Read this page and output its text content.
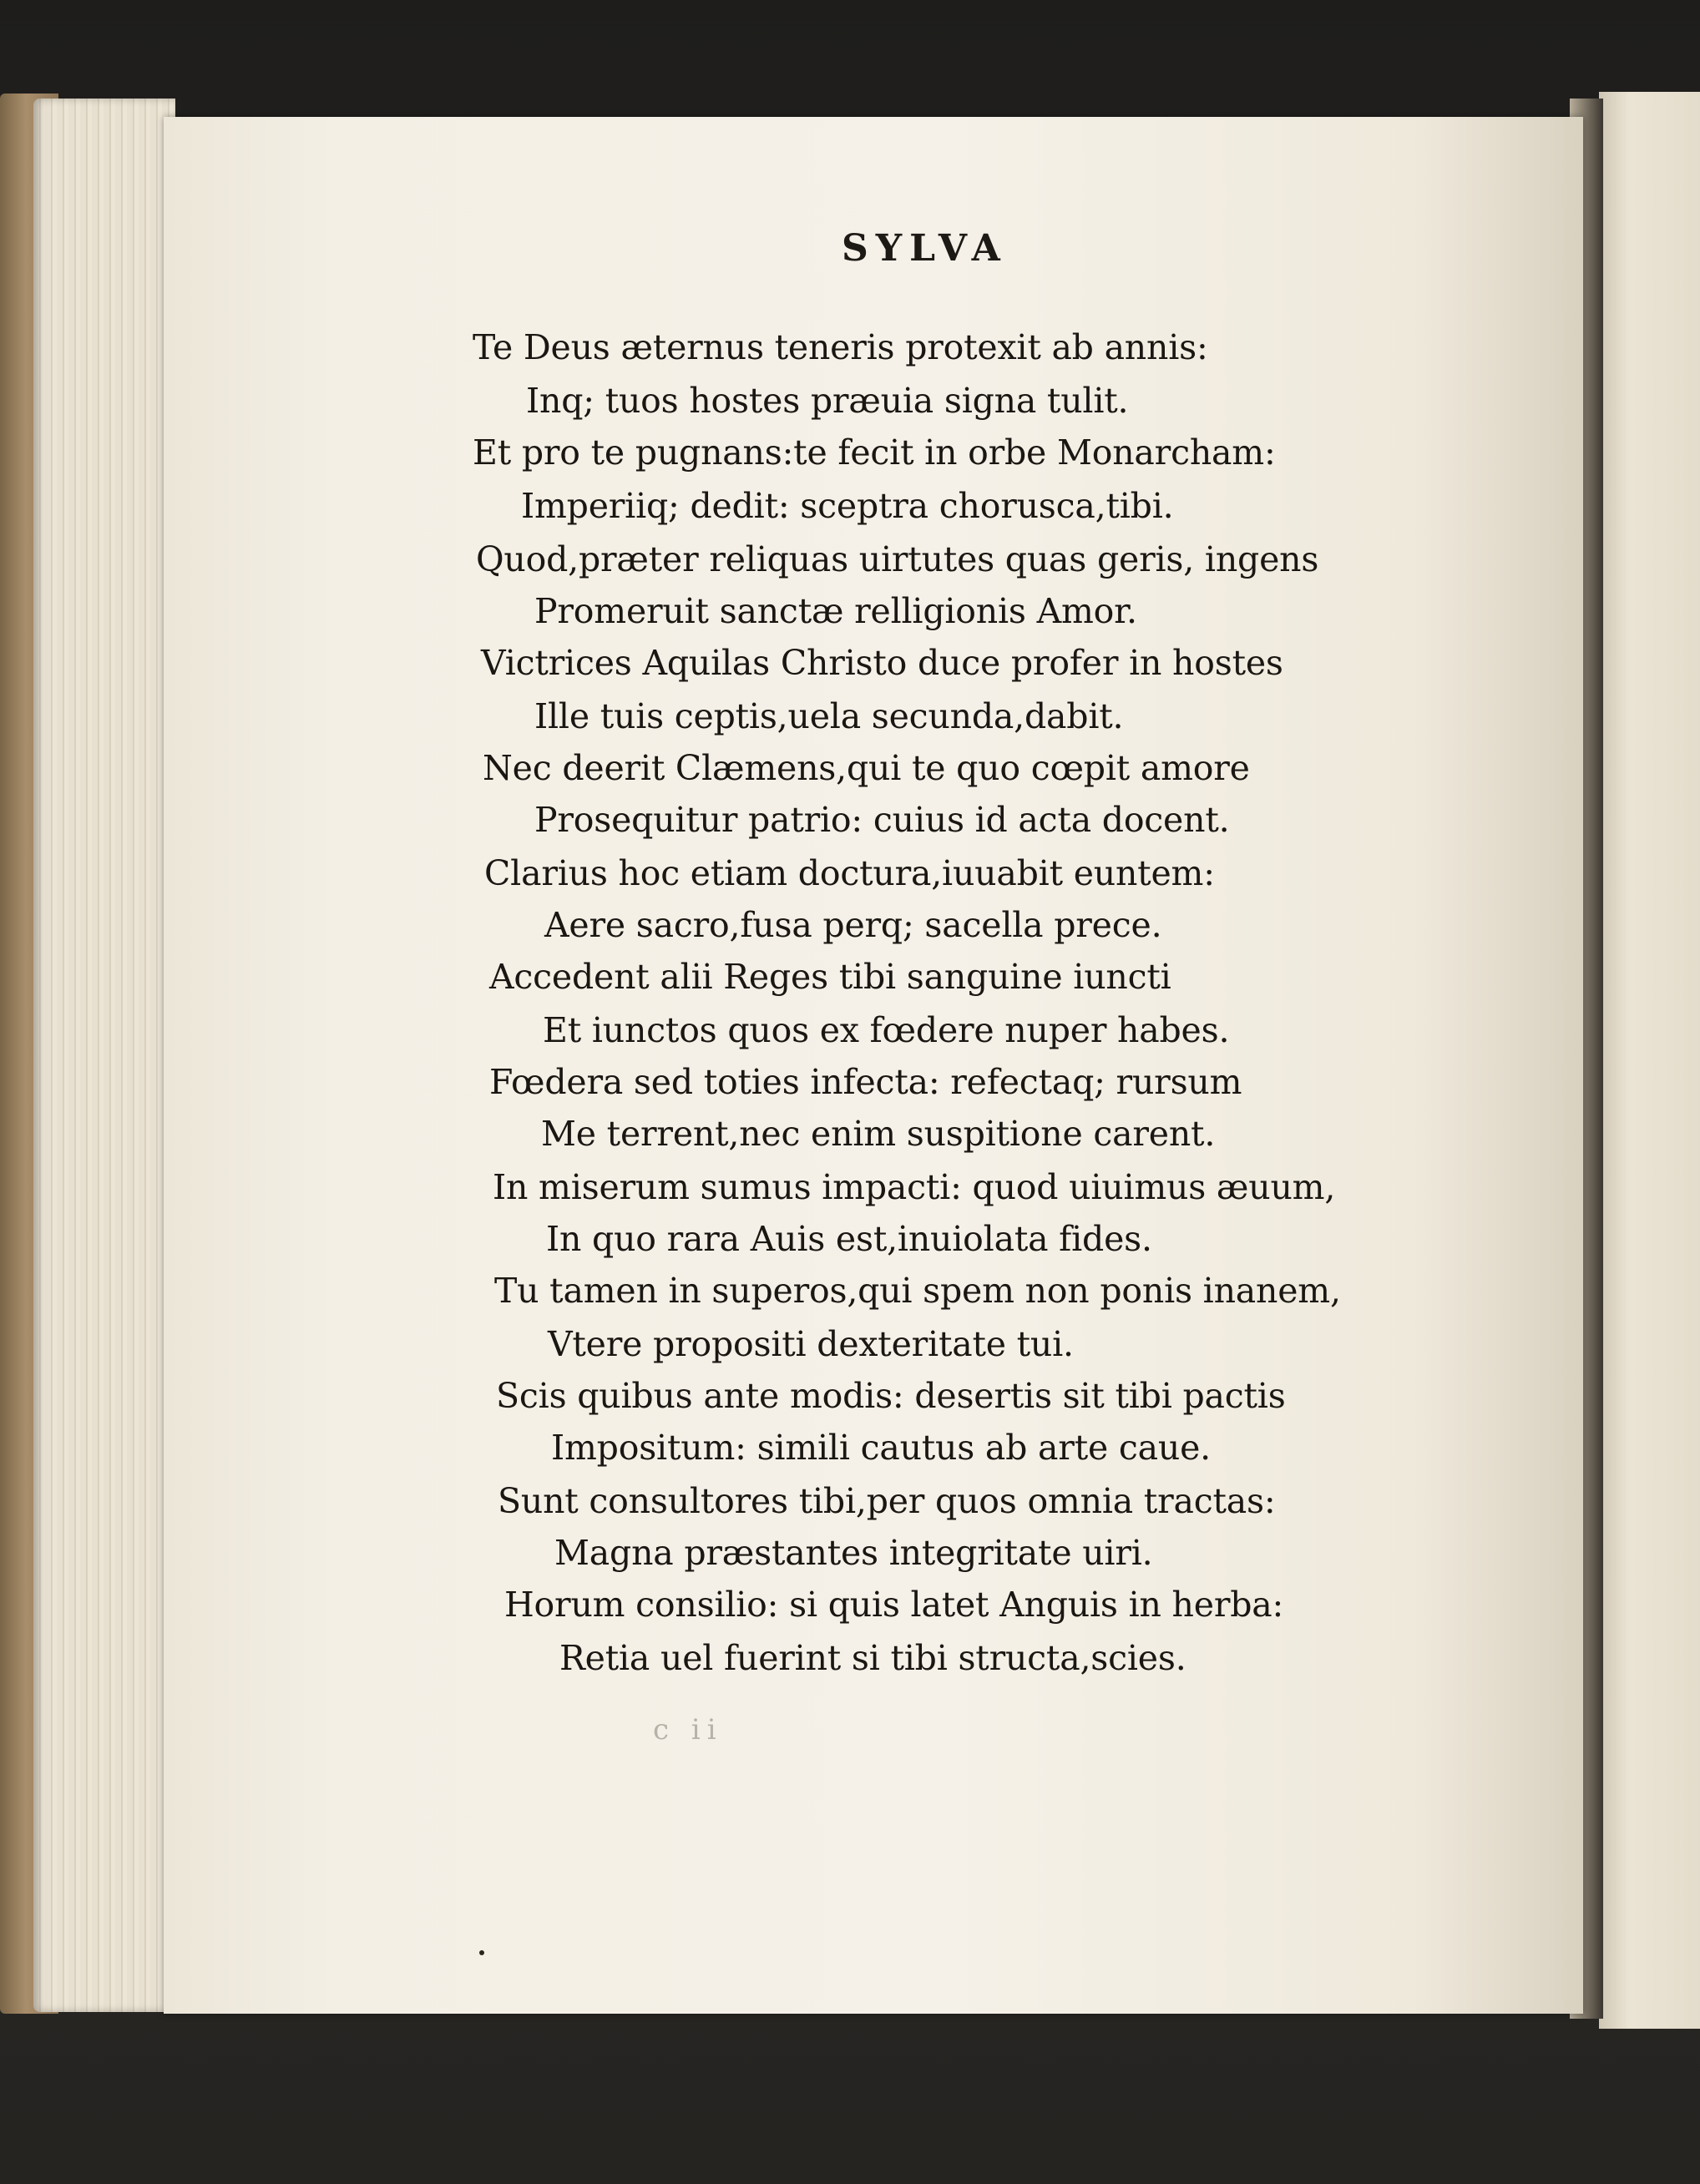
SYLVA
Te Deus æternus teneris protexit ab annis:
Inq; tuos hostes præuia signa tulit.
Et pro te pugnans:te fecit in orbe Monarcham:
Imperiiq; dedit: sceptra chorusca,tibi.
Quod,præter reliquas uirtutes quas geris, ingens
Promeruit sanctæ relligionis Amor.
Victrices Aquilas Christo duce profer in hostes
Ille tuis ceptis,uela secunda,dabit.
Nec deerit Clæmens,qui te quo cœpit amore
Prosequitur patrio: cuius id acta docent.
Clarius hoc etiam doctura,iuuabit euntem:
Aere sacro,fusa perq; sacella prece.
Accedent alii Reges tibi sanguine iuncti
Et iunctos quos ex fœdere nuper habes.
Fœdera sed toties infecta: refectaq; rursum
Me terrent,nec enim suspitione carent.
In miserum sumus impacti: quod uiuimus æuum,
In quo rara Auis est,inuiolata fides.
Tu tamen in superos,qui spem non ponis inanem,
Vtere propositi dexteritate tui.
Scis quibus ante modis: desertis sit tibi pactis
Impositum: simili cautus ab arte caue.
Sunt consultores tibi,per quos omnia tractas:
Magna præstantes integritate uiri.
Horum consilio: si quis latet Anguis in herba:
Retia uel fuerint si tibi structa,scies.
c ii
